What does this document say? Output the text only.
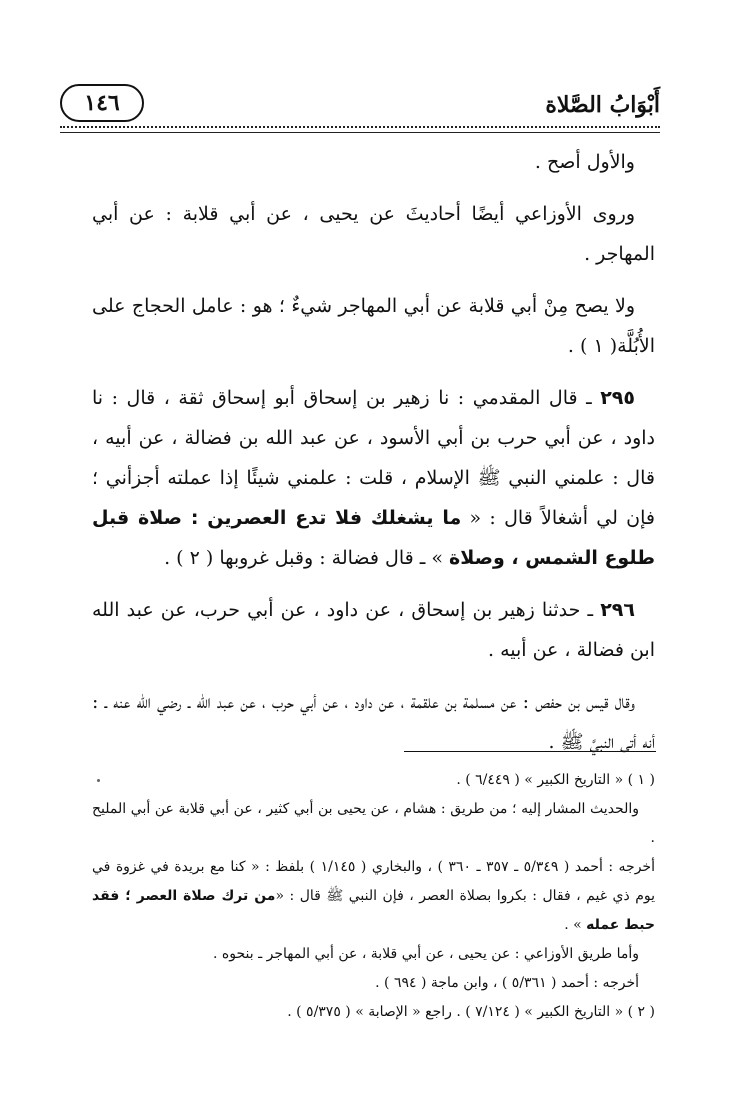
١٤٦	أَبْوَابُ الصَّلاة

والأول أصح .

وروى الأوزاعي أيضًا أحاديثَ عن يحيى ، عن أبي قلابة : عن أبي المهاجر .

ولا يصح مِنْ أبي قلابة عن أبي المهاجر شيءٌ ؛ هو : عامل الحجاج على الأُبُلَّة( ١ ) .

٢٩٥ ـ قال المقدمي : نا زهير بن إسحاق أبو إسحاق ثقة ، قال : نا داود ، عن أبي حرب بن أبي الأسود ، عن عبد الله بن فضالة ، عن أبيه ، قال : علمني النبي ﷺ الإسلام ، قلت : علمني شيئًا إذا عملته أجزأني ؛ فإن لي أشغالاً قال : « ما يشغلك فلا تدع العصرين : صلاة قبل طلوع الشمس ، وصلاة » ـ قال فضالة : وقبل غروبها ( ٢ ) .

٢٩٦ ـ حدثنا زهير بن إسحاق ، عن داود ، عن أبي حرب، عن عبد الله ابن فضالة ، عن أبيه .

وقال قيس بن حفص : عن مسلمة بن علقمة ، عن داود ، عن أبي حرب ، عن عبد الله ـ رضي الله عنه ـ : أنه أتى النبيَّ ﷺ .

( ١ ) « التاريخ الكبير » ( ٦/٤٤٩ ) .

والحديث المشار إليه ؛ من طريق : هشام ، عن يحيى بن أبي كثير ، عن أبي قلابة عن أبي المليح .

أخرجه : أحمد ( ٥/٣٤٩ ـ ٣٥٧ ـ ٣٦٠ ) ، والبخاري ( ١/١٤٥ ) بلفظ : « كنا مع بريدة في غزوة في يوم ذي غيم ، فقال : بكروا بصلاة العصر ، فإن النبي ﷺ قال : «من ترك صلاة العصر ؛ فقد حبط عمله » .

وأما طريق الأوزاعي : عن يحيى ، عن أبي قلابة ، عن أبي المهاجر ـ بنحوه .

أخرجه : أحمد ( ٥/٣٦١ ) ، وابن ماجة ( ٦٩٤ ) .

( ٢ ) « التاريخ الكبير » ( ٧/١٢٤ ) . راجع « الإصابة » ( ٥/٣٧٥ ) .
